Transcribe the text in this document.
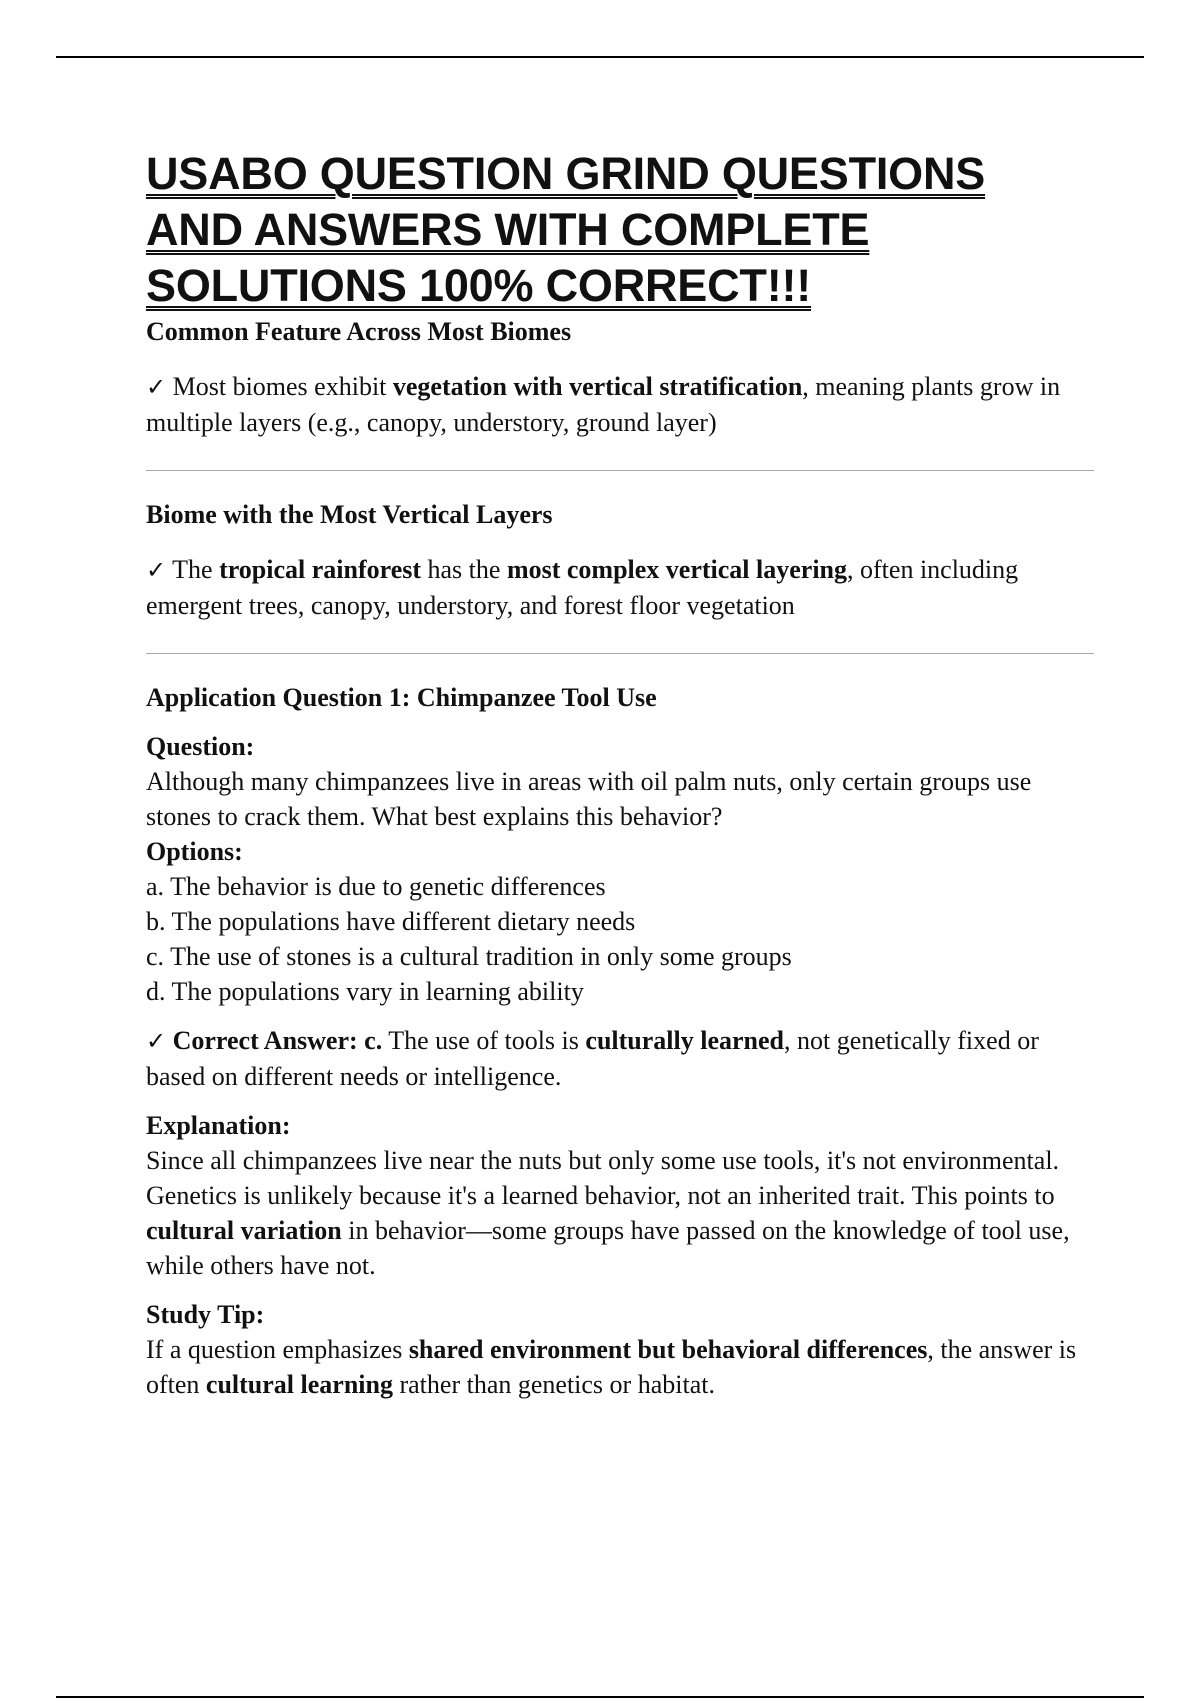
USABO QUESTION GRIND QUESTIONS
AND ANSWERS WITH COMPLETE
SOLUTIONS 100% CORRECT!!!

Common Feature Across Most Biomes

✓ Most biomes exhibit vegetation with vertical stratification, meaning plants grow in multiple layers (e.g., canopy, understory, ground layer)

Biome with the Most Vertical Layers

✓ The tropical rainforest has the most complex vertical layering, often including emergent trees, canopy, understory, and forest floor vegetation

Application Question 1: Chimpanzee Tool Use

Question:

Although many chimpanzees live in areas with oil palm nuts, only certain groups use stones to crack them. What best explains this behavior?

Options:

a. The behavior is due to genetic differences

b. The populations have different dietary needs

c. The use of stones is a cultural tradition in only some groups

d. The populations vary in learning ability

✓ Correct Answer: c. The use of tools is culturally learned, not genetically fixed or based on different needs or intelligence.

Explanation:

Since all chimpanzees live near the nuts but only some use tools, it's not environmental. Genetics is unlikely because it's a learned behavior, not an inherited trait. This points to cultural variation in behavior—some groups have passed on the knowledge of tool use, while others have not.

Study Tip:

If a question emphasizes shared environment but behavioral differences, the answer is often cultural learning rather than genetics or habitat.
